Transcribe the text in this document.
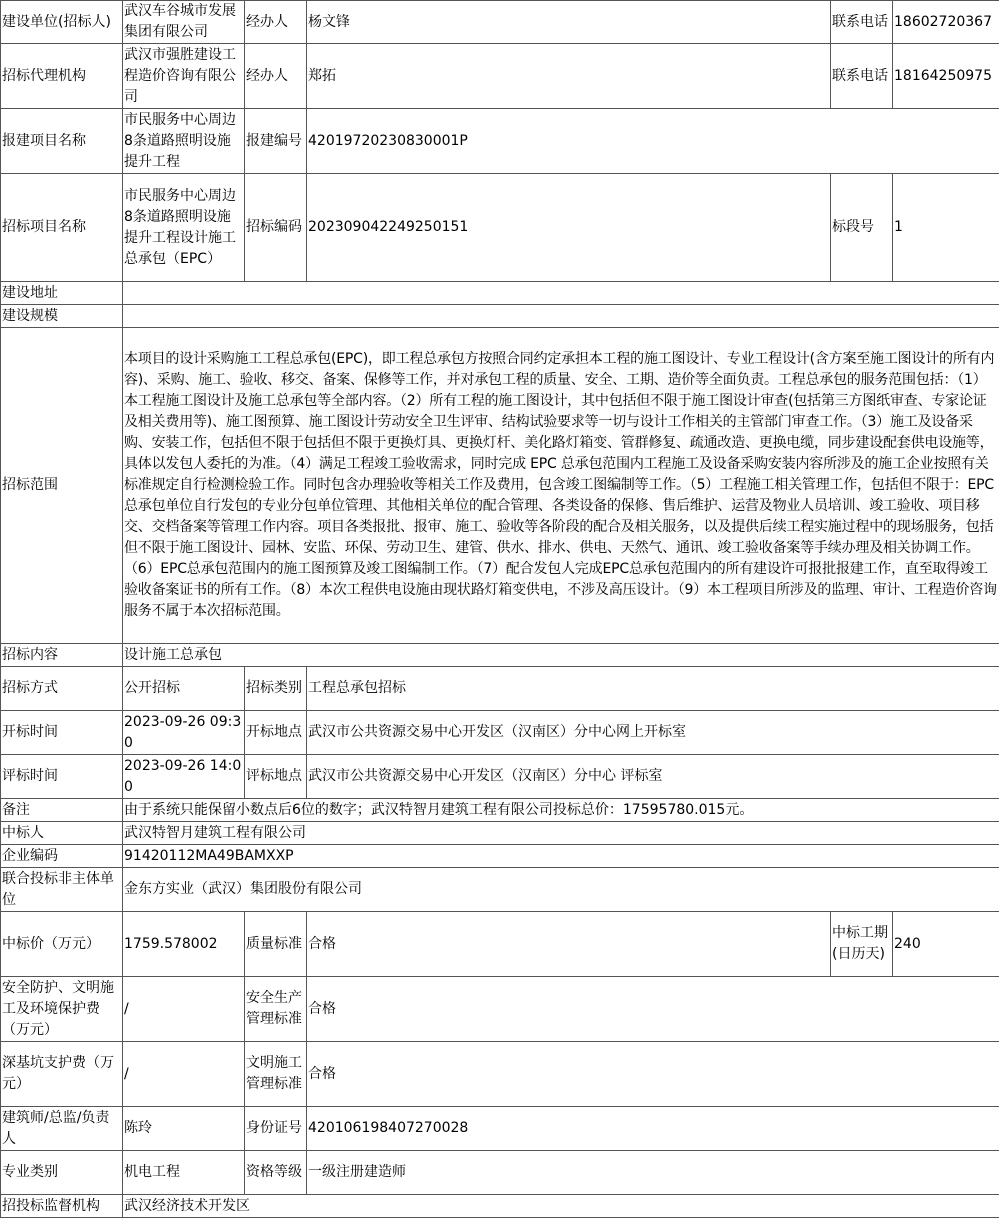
建设单位(招标人)	武汉车谷城市发展集团有限公司	经办人	杨文锋	联系电话	18602720367
招标代理机构	武汉市强胜建设工程造价咨询有限公司	经办人	郑拓	联系电话	18164250975
报建项目名称	市民服务中心周边8条道路照明设施提升工程	报建编号	42019720230830001P		
招标项目名称	市民服务中心周边8条道路照明设施提升工程设计施工总承包（EPC）	招标编码	202309042249250151	标段号	1
建设地址					
建设规模					
招标范围	本项目的设计采购施工工程总承包(EPC)，即工程总承包方按照合同约定承担本工程的施工图设计、专业工程设计(含方案至施工图设计的所有内容)、采购、施工、验收、移交、备案、保修等工作，并对承包工程的质量、安全、工期、造价等全面负责。工程总承包的服务范围包括：（1）本工程施工图设计及施工总承包等全部内容。（2）所有工程的施工图设计，其中包括但不限于施工图设计审查(包括第三方图纸审查、专家论证及相关费用等)、施工图预算、施工图设计劳动安全卫生评审、结构试验要求等一切与设计工作相关的主管部门审查工作。（3）施工及设备采购、安装工作，包括但不限于包括但不限于更换灯具、更换灯杆、美化路灯箱变、管群修复、疏通改造、更换电缆，同步建设配套供电设施等，具体以发包人委托的为准。（4）满足工程竣工验收需求，同时完成 EPC 总承包范围内工程施工及设备采购安装内容所涉及的施工企业按照有关标准规定自行检测检验工作。同时包含办理验收等相关工作及费用，包含竣工图编制等工作。（5）工程施工相关管理工作，包括但不限于：EPC 总承包单位自行发包的专业分包单位管理、其他相关单位的配合管理、各类设备的保修、售后维护、运营及物业人员培训、竣工验收、项目移交、交档备案等管理工作内容。项目各类报批、报审、施工、验收等各阶段的配合及相关服务，以及提供后续工程实施过程中的现场服务，包括但不限于施工图设计、园林、安监、环保、劳动卫生、建管、供水、排水、供电、天然气、通讯、竣工验收备案等手续办理及相关协调工作。（6）EPC总承包范围内的施工图预算及竣工图编制工作。（7）配合发包人完成EPC总承包范围内的所有建设许可报批报建工作，直至取得竣工验收备案证书的所有工作。（8）本次工程供电设施由现状路灯箱变供电，不涉及高压设计。（9）本工程项目所涉及的监理、审计、工程造价咨询服务不属于本次招标范围。				
招标内容	设计施工总承包				
招标方式	公开招标	招标类别	工程总承包招标		
开标时间	2023-09-26 09:30	开标地点	武汉市公共资源交易中心开发区（汉南区）分中心网上开标室		
评标时间	2023-09-26 14:00	评标地点	武汉市公共资源交易中心开发区（汉南区）分中心 评标室		
备注	由于系统只能保留小数点后6位的数字；武汉特智月建筑工程有限公司投标总价：17595780.015元。				
中标人	武汉特智月建筑工程有限公司				
企业编码	91420112MA49BAMXXP				
联合投标非主体单位	金东方实业（武汉）集团股份有限公司				
中标价（万元）	1759.578002	质量标准	合格	中标工期(日历天)	240
安全防护、文明施工及环境保护费（万元）	/	安全生产管理标准	合格		
深基坑支护费（万元）	/	文明施工管理标准	合格		
建筑师/总监/负责人	陈玲	身份证号	420106198407270028		
专业类别	机电工程	资格等级	一级注册建造师		
招投标监督机构	武汉经济技术开发区				
